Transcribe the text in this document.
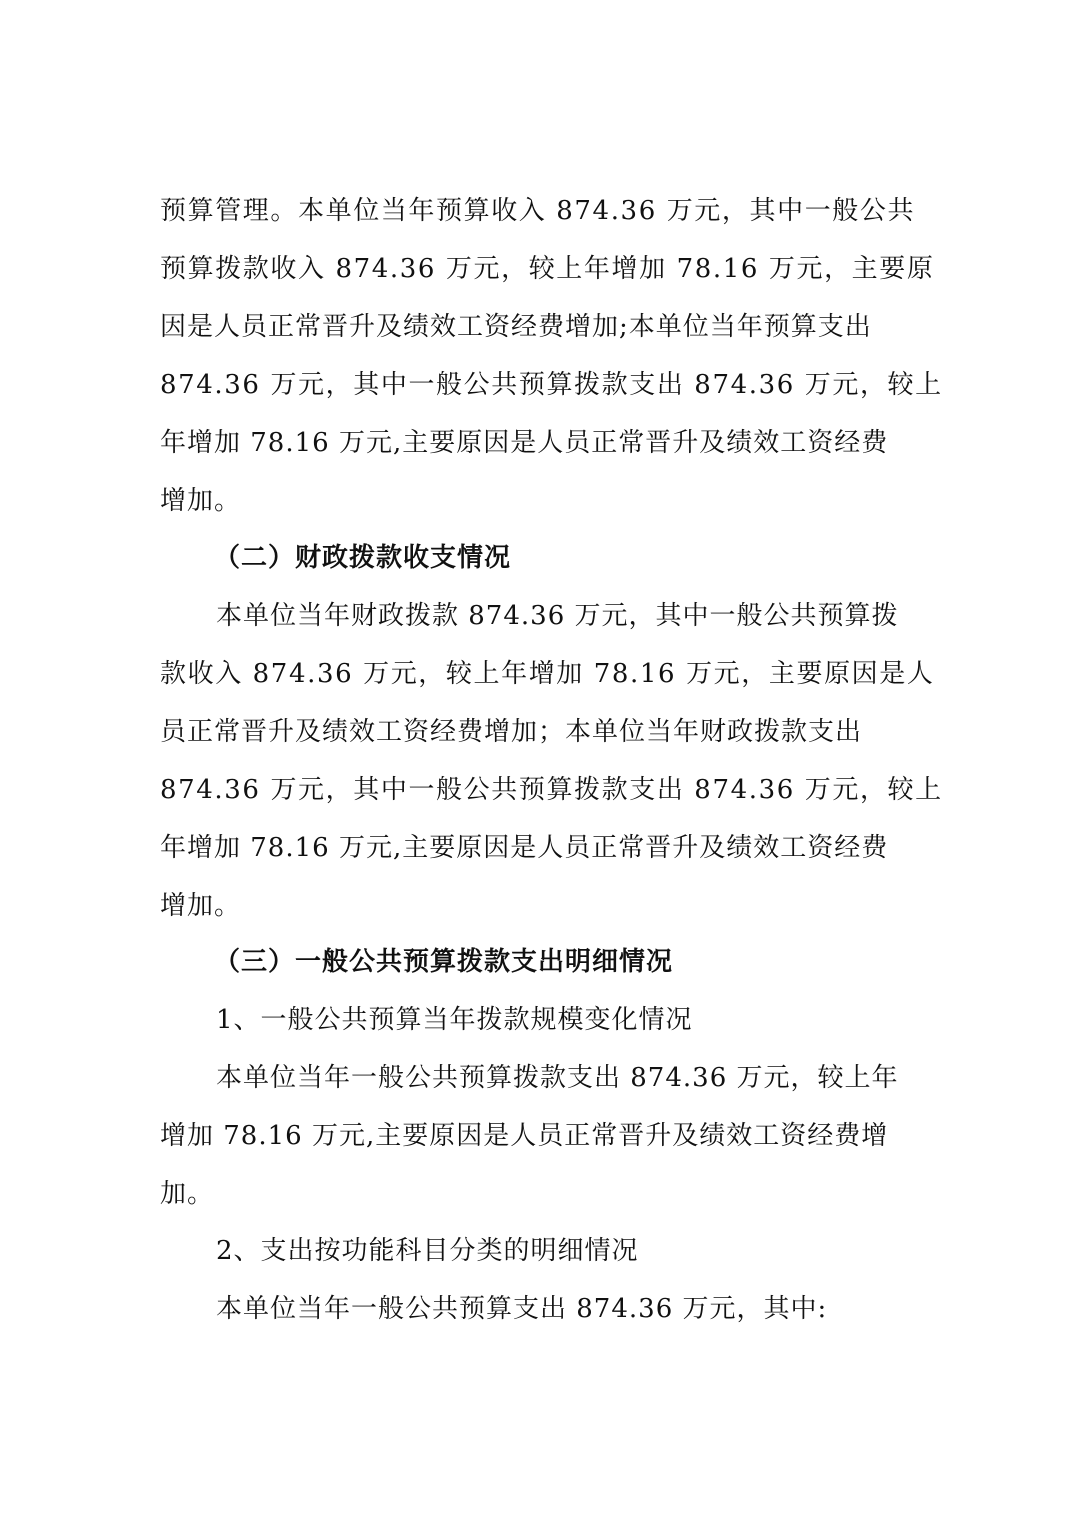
预算管理。本单位当年预算收入 874.36 万元，其中一般公共
预算拨款收入 874.36 万元，较上年增加 78.16 万元，主要原
因是人员正常晋升及绩效工资经费增加;本单位当年预算支出
874.36 万元，其中一般公共预算拨款支出 874.36 万元，较上
年增加 78.16 万元,主要原因是人员正常晋升及绩效工资经费
增加。
（二）财政拨款收支情况
本单位当年财政拨款 874.36 万元，其中一般公共预算拨
款收入 874.36 万元，较上年增加 78.16 万元，主要原因是人
员正常晋升及绩效工资经费增加；本单位当年财政拨款支出
874.36 万元，其中一般公共预算拨款支出 874.36 万元，较上
年增加 78.16 万元,主要原因是人员正常晋升及绩效工资经费
增加。
（三）一般公共预算拨款支出明细情况
1、一般公共预算当年拨款规模变化情况
本单位当年一般公共预算拨款支出 874.36 万元，较上年
增加 78.16 万元,主要原因是人员正常晋升及绩效工资经费增
加。
2、支出按功能科目分类的明细情况
本单位当年一般公共预算支出 874.36 万元，其中:
